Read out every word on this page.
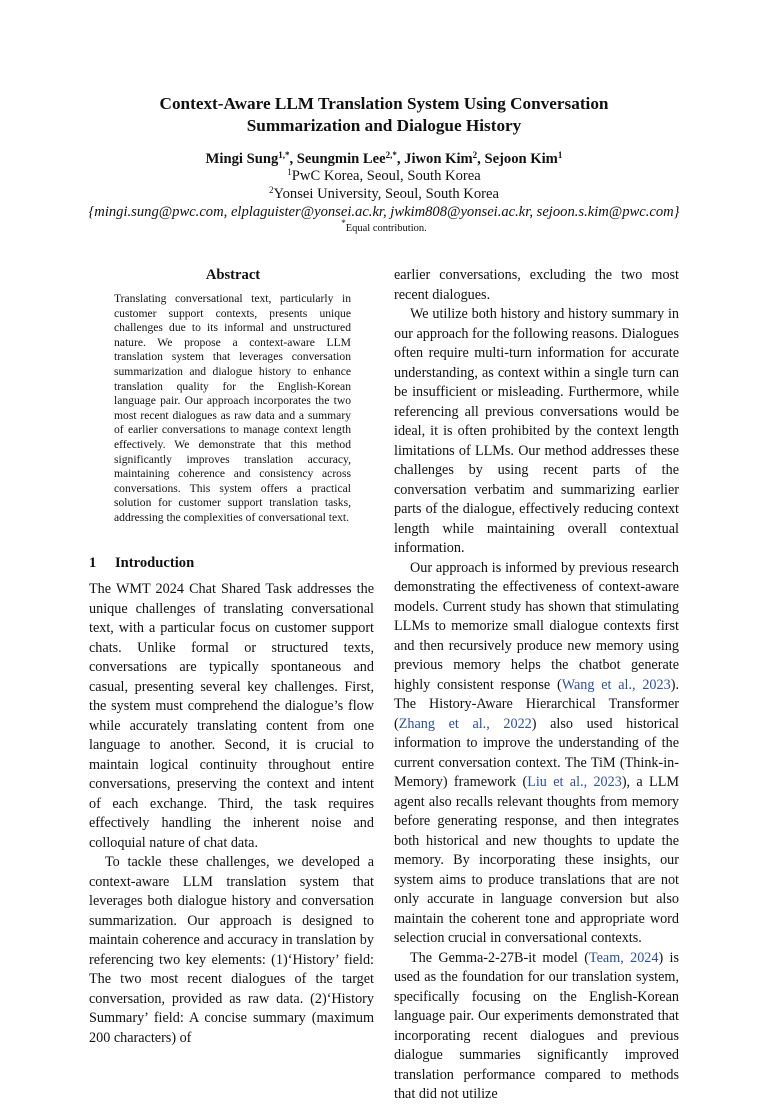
Context-Aware LLM Translation System Using Conversation
Summarization and Dialogue History
Mingi Sung$^{1,*}$, Seungmin Lee$^{2,*}$, Jiwon Kim$^2$, Sejoon Kim$^1$
$^1$PwC Korea, Seoul, South Korea
$^2$Yonsei University, Seoul, South Korea
{mingi.sung@pwc.com, elplaguister@yonsei.ac.kr, jwkim808@yonsei.ac.kr, sejoon.s.kim@pwc.com}
*Equal contribution.
Abstract

Translating conversational text, particularly in customer support contexts, presents unique challenges due to its informal and unstructured nature. We propose a context-aware LLM translation system that leverages conversation summarization and dialogue history to enhance translation quality for the English-Korean language pair. Our approach incorporates the two most recent dialogues as raw data and a summary of earlier conversations to manage context length effectively. We demonstrate that this method significantly improves translation accuracy, maintaining coherence and consistency across conversations. This system offers a practical solution for customer support translation tasks, addressing the complexities of conversational text.

1 Introduction

The WMT 2024 Chat Shared Task addresses the unique challenges of translating conversational text, with a particular focus on customer support chats. Unlike formal or structured texts, conversations are typically spontaneous and casual, presenting several key challenges. First, the system must comprehend the dialogue’s flow while accurately translating content from one language to another. Second, it is crucial to maintain logical continuity throughout entire conversations, preserving the context and intent of each exchange. Third, the task requires effectively handling the inherent noise and colloquial nature of chat data.

To tackle these challenges, we developed a context-aware LLM translation system that leverages both dialogue history and conversation summarization. Our approach is designed to maintain coherence and accuracy in translation by referencing two key elements: (1)‘History’ field: The two most recent dialogues of the target conversation, provided as raw data. (2)‘History Summary’ field: A concise summary (maximum 200 characters) of

earlier conversations, excluding the two most recent dialogues.

We utilize both history and history summary in our approach for the following reasons. Dialogues often require multi-turn information for accurate understanding, as context within a single turn can be insufficient or misleading. Furthermore, while referencing all previous conversations would be ideal, it is often prohibited by the context length limitations of LLMs. Our method addresses these challenges by using recent parts of the conversation verbatim and summarizing earlier parts of the dialogue, effectively reducing context length while maintaining overall contextual information.

Our approach is informed by previous research demonstrating the effectiveness of context-aware models. Current study has shown that stimulating LLMs to memorize small dialogue contexts first and then recursively produce new memory using previous memory helps the chatbot generate highly consistent response (Wang et al., 2023). The History-Aware Hierarchical Transformer (Zhang et al., 2022) also used historical information to improve the understanding of the current conversation context. The TiM (Think-in-Memory) framework (Liu et al., 2023), a LLM agent also recalls relevant thoughts from memory before generating response, and then integrates both historical and new thoughts to update the memory. By incorporating these insights, our system aims to produce translations that are not only accurate in language conversion but also maintain the coherent tone and appropriate word selection crucial in conversational contexts.

The Gemma-2-27B-it model (Team, 2024) is used as the foundation for our translation system, specifically focusing on the English-Korean language pair. Our experiments demonstrated that incorporating recent dialogues and previous dialogue summaries significantly improved translation performance compared to methods that did not utilize
